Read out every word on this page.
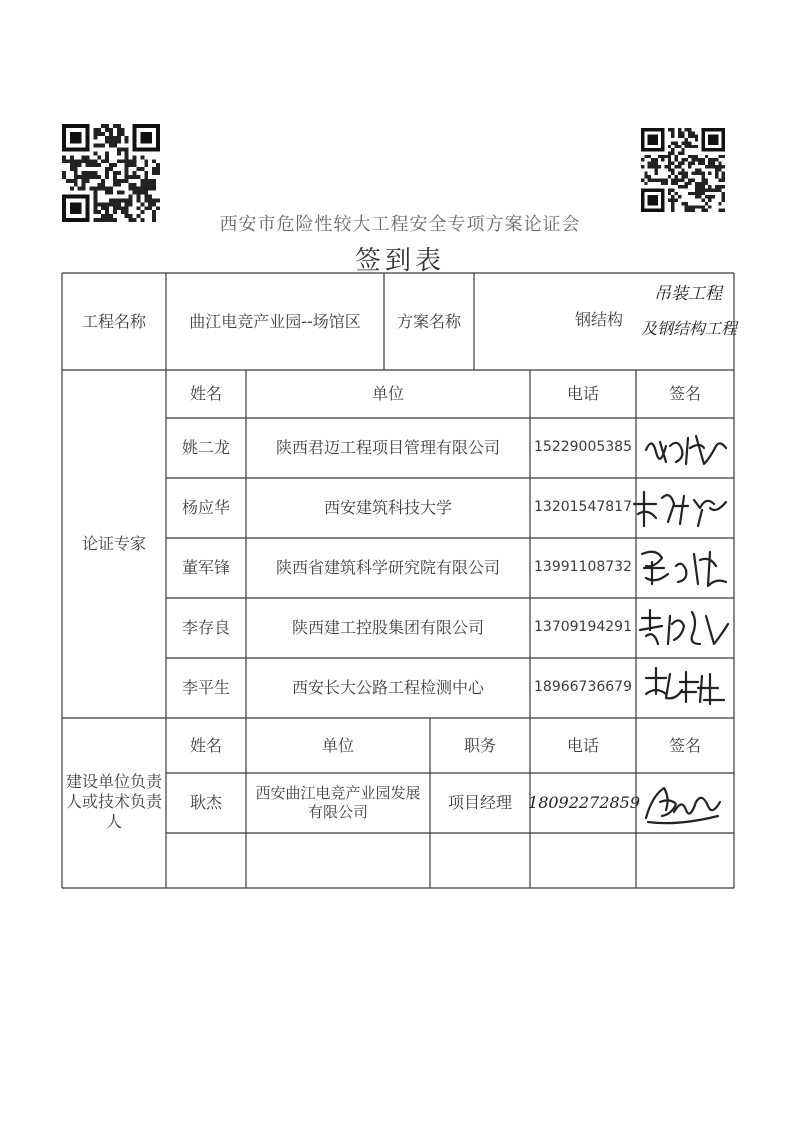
西安市危险性较大工程安全专项方案论证会
签到表
工程名称	曲江电竞产业园--场馆区	方案名称	钢结构
吊装工程
及钢结构工程
论证专家
姓名	单位	电话	签名
姚二龙	陕西君迈工程项目管理有限公司	15229005385
杨应华	西安建筑科技大学	13201547817
董军锋	陕西省建筑科学研究院有限公司	13991108732
李存良	陕西建工控股集团有限公司	13709194291
李平生	西安长大公路工程检测中心	18966736679
建设单位负责人或技术负责人
姓名	单位	职务	电话	签名
耿杰	西安曲江电竞产业园发展有限公司	项目经理	18092272859
